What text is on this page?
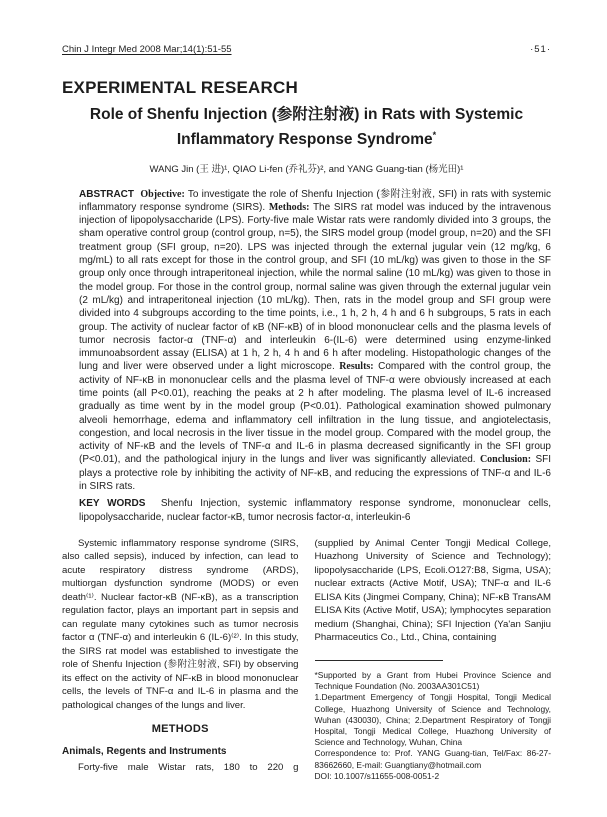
Chin J Integr Med 2008 Mar;14(1):51-55	·51·
EXPERIMENTAL RESEARCH
Role of Shenfu Injection (参附注射液) in Rats with Systemic
Inflammatory Response Syndrome*
WANG Jin (王 进)¹, QIAO Li-fen (乔礼芬)², and YANG Guang-tian (杨光田)¹

ABSTRACT Objective: To investigate the role of Shenfu Injection (参附注射液, SFI) in rats with systemic inflammatory response syndrome (SIRS). Methods: The SIRS rat model was induced by the intravenous injection of lipopolysaccharide (LPS). Forty-five male Wistar rats were randomly divided into 3 groups, the sham operative control group (control group, n=5), the SIRS model group (model group, n=20) and the SFI treatment group (SFI group, n=20). LPS was injected through the external jugular vein (12 mg/kg, 6 mg/mL) to all rats except for those in the control group, and SFI (10 mL/kg) was given to those in the SF group only once through intraperitoneal injection, while the normal saline (10 mL/kg) was given to those in the model group. For those in the control group, normal saline was given through the external jugular vein (2 mL/kg) and intraperitoneal injection (10 mL/kg). Then, rats in the model group and SFI group were divided into 4 subgroups according to the time points, i.e., 1 h, 2 h, 4 h and 6 h subgroups, 5 rats in each group. The activity of nuclear factor of κB (NF-κB) of in blood mononuclear cells and the plasma levels of tumor necrosis factor-α (TNF-α) and interleukin 6-(IL-6) were determined using enzyme-linked immunoabsordent assay (ELISA) at 1 h, 2 h, 4 h and 6 h after modeling. Histopathologic changes of the lung and liver were observed under a light microscope. Results: Compared with the control group, the activity of NF-κB in mononuclear cells and the plasma level of TNF-α were obviously increased at each time points (all P<0.01), reaching the peaks at 2 h after modeling. The plasma level of IL-6 increased gradually as time went by in the model group (P<0.01). Pathological examination showed pulmonary alveoli hemorrhage, edema and inflammatory cell infiltration in the lung tissue, and angiotelectasis, congestion, and local necrosis in the liver tissue in the model group. Compared with the model group, the activity of NF-κB and the levels of TNF-α and IL-6 in plasma decreased significantly in the SFI group (P<0.01), and the pathological injury in the lungs and liver was significantly alleviated. Conclusion: SFI plays a protective role by inhibiting the activity of NF-κB, and reducing the expressions of TNF-α and IL-6 in SIRS rats.

KEY WORDS Shenfu Injection, systemic inflammatory response syndrome, mononuclear cells, lipopolysaccharide, nuclear factor-κB, tumor necrosis factor-α, interleukin-6

Systemic inflammatory response syndrome (SIRS, also called sepsis), induced by infection, can lead to acute respiratory distress syndrome (ARDS), multiorgan dysfunction syndrome (MODS) or even death⁽¹⁾. Nuclear factor-κB (NF-κB), as a transcription regulation factor, plays an important part in sepsis and can regulate many cytokines such as tumor necrosis factor α (TNF-α) and interleukin 6 (IL-6)⁽²⁾. In this study, the SIRS rat model was established to investigate the role of Shenfu Injection (参附注射液, SFI) by observing its effect on the activity of NF-κB in blood mononuclear cells, the levels of TNF-α and IL-6 in plasma and the pathological changes of the lungs and liver.

METHODS
Animals, Regents and Instruments

Forty-five male Wistar rats, 180 to 220 g

(supplied by Animal Center Tongji Medical College, Huazhong University of Science and Technology); lipopolysaccharide (LPS, Ecoli.O127:B8, Sigma, USA); nuclear extracts (Active Motif, USA); TNF-α and IL-6 ELISA Kits (Jingmei Company, China); NF-κB TransAM ELISA Kits (Active Motif, USA); lymphocytes separation medium (Shanghai, China); SFI Injection (Ya'an Sanjiu Pharmaceutics Co., Ltd., China, containing

*Supported by a Grant from Hubei Province Science and Technique Foundation (No. 2003AA301C51)

1.Department Emergency of Tongji Hospital, Tongji Medical College, Huazhong University of Science and Technology, Wuhan (430030), China; 2.Department Respiratory of Tongji Hospital, Tongji Medical College, Huazhong University of Science and Technology, Wuhan, China

Correspondence to: Prof. YANG Guang-tian, Tel/Fax: 86-27-83662660, E-mail: Guangtiany@hotmail.com

DOI: 10.1007/s11655-008-0051-2
